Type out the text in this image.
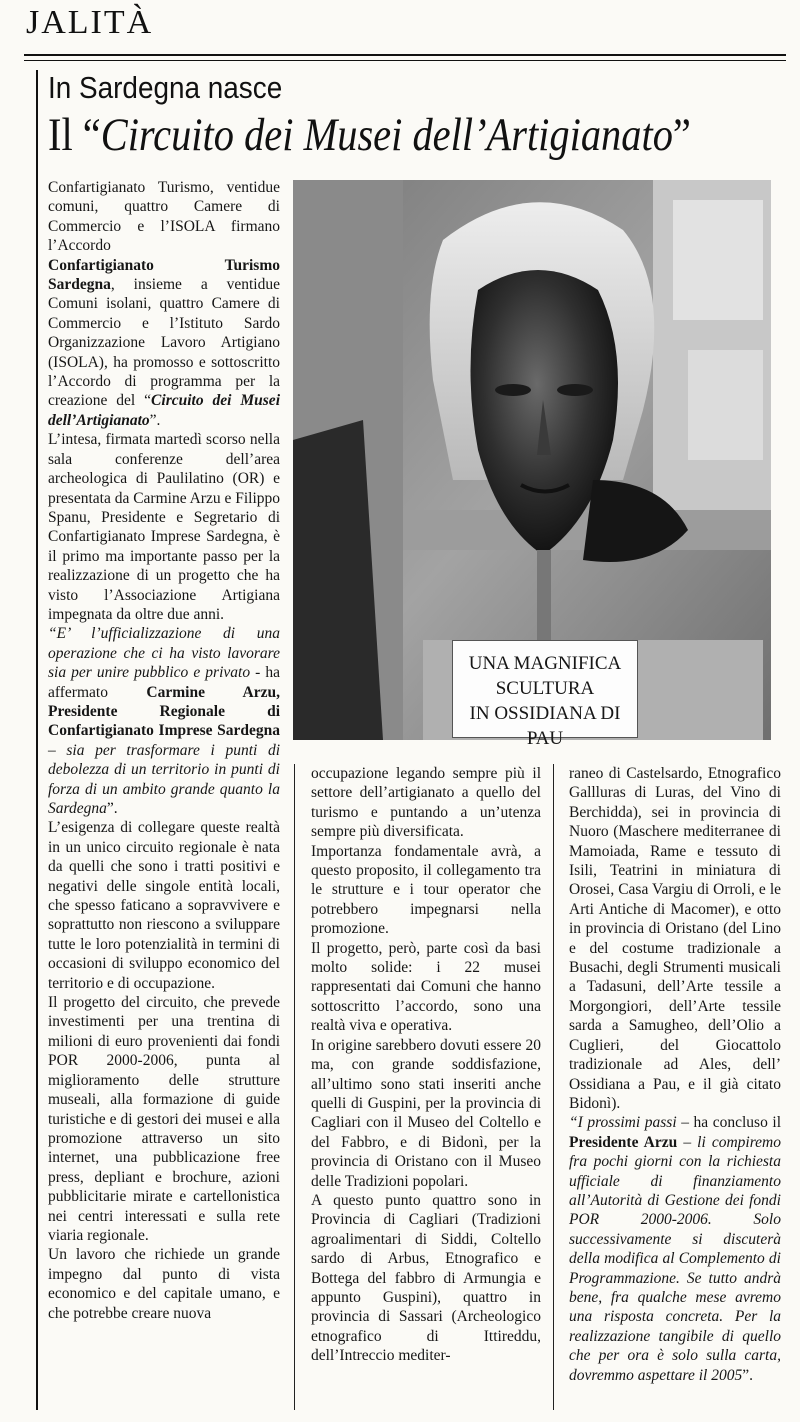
JALITÀ
In Sardegna nasce
Il “Circuito dei Musei dell’Artigianato”

Confartigianato Turismo, ventidue comuni, quattro Camere di Commercio e l’ISOLA firmano l’Accordo

Confartigianato Turismo Sardegna, insieme a ventidue Comuni isolani, quattro Camere di Commercio e l’Istituto Sardo Organizzazione Lavoro Artigiano (ISOLA), ha promosso e sottoscritto l’Accordo di programma per la creazione del “Circuito dei Musei dell’Artigianato”.

L’intesa, firmata martedì scorso nella sala conferenze dell’area archeologica di Paulilatino (OR) e presentata da Carmine Arzu e Filippo Spanu, Presidente e Segretario di Confartigianato Imprese Sardegna, è il primo ma importante passo per la realizzazione di un progetto che ha visto l’Associazione Artigiana impegnata da oltre due anni.

“E’ l’ufficializzazione di una operazione che ci ha visto lavorare sia per unire pubblico e privato - ha affermato Carmine Arzu, Presidente Regionale di Confartigianato Imprese Sardegna – sia per trasformare i punti di debolezza di un territorio in punti di forza di un ambito grande quanto la Sardegna”.

L’esigenza di collegare queste realtà in un unico circuito regionale è nata da quelli che sono i tratti positivi e negativi delle singole entità locali, che spesso faticano a sopravvivere e soprattutto non riescono a sviluppare tutte le loro potenzialità in termini di occasioni di sviluppo economico del territorio e di occupazione.

Il progetto del circuito, che prevede investimenti per una trentina di milioni di euro provenienti dai fondi POR 2000-2006, punta al miglioramento delle strutture museali, alla formazione di guide turistiche e di gestori dei musei e alla promozione attraverso un sito internet, una pubblicazione free press, depliant e brochure, azioni pubblicitarie mirate e cartellonistica nei centri interessati e sulla rete viaria regionale.

Un lavoro che richiede un grande impegno dal punto di vista economico e del capitale umano, e che potrebbe creare nuova

UNA MAGNIFICA
SCULTURA
IN OSSIDIANA DI PAU

occupazione legando sempre più il settore dell’artigianato a quello del turismo e puntando a un’utenza sempre più diversificata.

Importanza fondamentale avrà, a questo proposito, il collegamento tra le strutture e i tour operator che potrebbero impegnarsi nella promozione.

Il progetto, però, parte così da basi molto solide: i 22 musei rappresentati dai Comuni che hanno sottoscritto l’accordo, sono una realtà viva e operativa.

In origine sarebbero dovuti essere 20 ma, con grande soddisfazione, all’ultimo sono stati inseriti anche quelli di Guspini, per la provincia di Cagliari con il Museo del Coltello e del Fabbro, e di Bidonì, per la provincia di Oristano con il Museo delle Tradizioni popolari.

A questo punto quattro sono in Provincia di Cagliari (Tradizioni agroalimentari di Siddi, Coltello sardo di Arbus, Etnografico e Bottega del fabbro di Armungia e appunto Guspini), quattro in provincia di Sassari (Archeologico etnografico di Ittireddu, dell’Intreccio mediter-

raneo di Castelsardo, Etnografico Gallluras di Luras, del Vino di Berchidda), sei in provincia di Nuoro (Maschere mediterranee di Mamoiada, Rame e tessuto di Isili, Teatrini in miniatura di Orosei, Casa Vargiu di Orroli, e le Arti Antiche di Macomer), e otto in provincia di Oristano (del Lino e del costume tradizionale a Busachi, degli Strumenti musicali a Tadasuni, dell’Arte tessile a Morgongiori, dell’Arte tessile sarda a Samugheo, dell’Olio a Cuglieri, del Giocattolo tradizionale ad Ales, dell’ Ossidiana a Pau, e il già citato Bidonì).

“I prossimi passi – ha concluso il Presidente Arzu – li compiremo fra pochi giorni con la richiesta ufficiale di finanziamento all’Autorità di Gestione dei fondi POR 2000-2006. Solo successivamente si discuterà della modifica al Complemento di Programmazione. Se tutto andrà bene, fra qualche mese avremo una risposta concreta. Per la realizzazione tangibile di quello che per ora è solo sulla carta, dovremmo aspettare il 2005”.
